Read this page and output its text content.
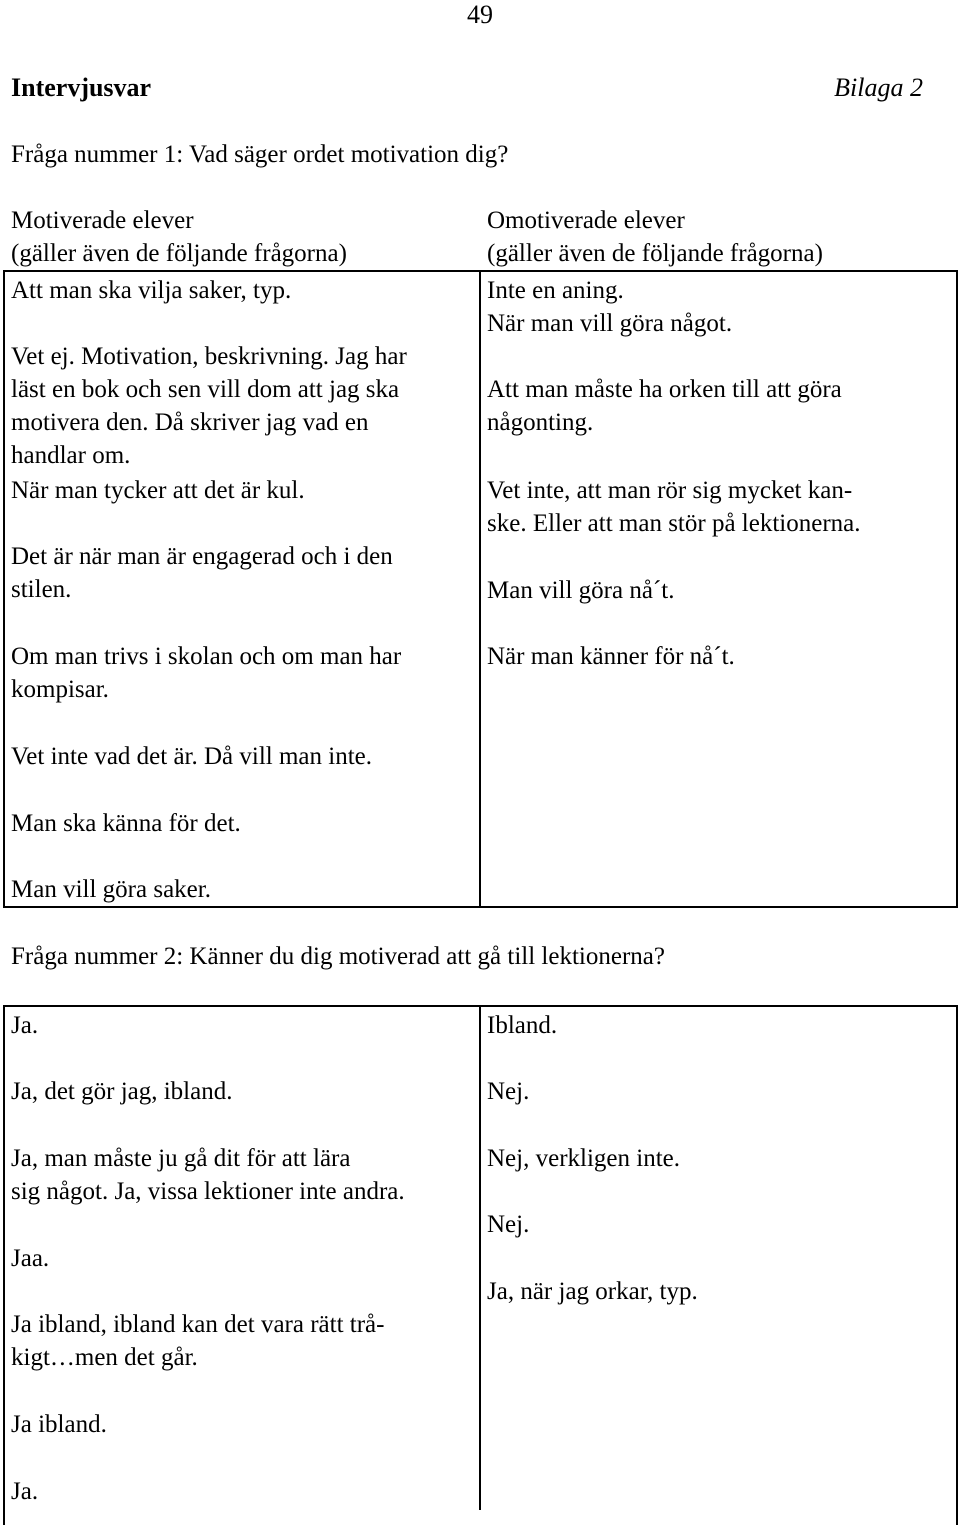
49
Intervjusvar	Bilaga 2
Fråga nummer 1: Vad säger ordet motivation dig?
Motiverade elever
(gäller även de följande frågorna)
Omotiverade elever
(gäller även de följande frågorna)
Att man ska vilja saker, typ.
Vet ej. Motivation, beskrivning. Jag har
läst en bok och sen vill dom att jag ska
motivera den. Då skriver jag vad en
handlar om.
När man tycker att det är kul.
Det är när man är engagerad och i den
stilen.
Om man trivs i skolan och om man har
kompisar.
Vet inte vad det är. Då vill man inte.
Man ska känna för det.
Man vill göra saker.
Inte en aning.
När man vill göra något.
Att man måste ha orken till att göra
någonting.
Vet inte, att man rör sig mycket kan-
ske. Eller att man stör på lektionerna.
Man vill göra nå´t.
När man känner för nå´t.
Fråga nummer 2: Känner du dig motiverad att gå till lektionerna?
Ja.
Ja, det gör jag, ibland.
Ja, man måste ju gå dit för att lära
sig något. Ja, vissa lektioner inte andra.
Jaa.
Ja ibland, ibland kan det vara rätt trå-
kigt…men det går.
Ja ibland.
Ja.
Ibland.
Nej.
Nej, verkligen inte.
Nej.
Ja, när jag orkar, typ.
